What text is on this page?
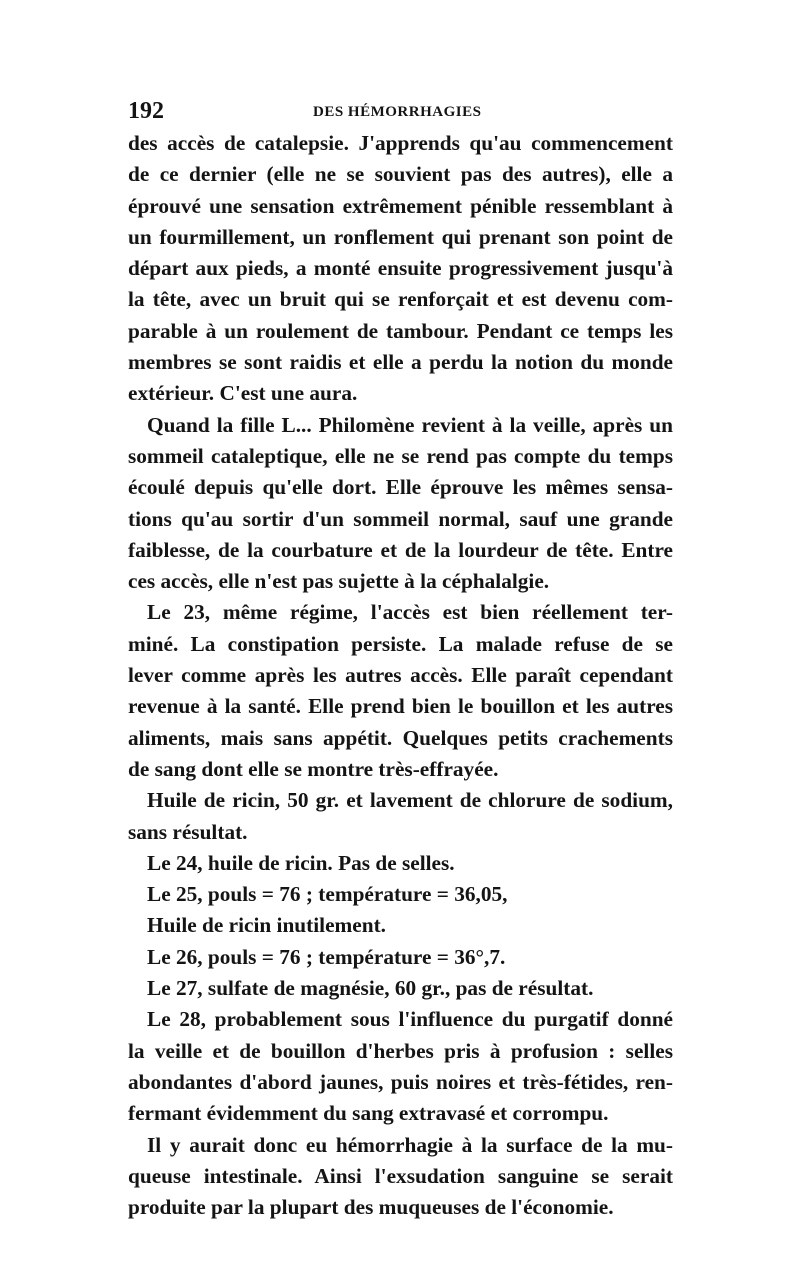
192	DES HÉMORRHAGIES
des accès de catalepsie. J'apprends qu'au commencement
de ce dernier (elle ne se souvient pas des autres), elle a
éprouvé une sensation extrêmement pénible ressemblant à
un fourmillement, un ronflement qui prenant son point de
départ aux pieds, a monté ensuite progressivement jusqu'à
la tête, avec un bruit qui se renforçait et est devenu com-
parable à un roulement de tambour. Pendant ce temps les
membres se sont raidis et elle a perdu la notion du monde
extérieur. C'est une aura.
Quand la fille L... Philomène revient à la veille, après un
sommeil cataleptique, elle ne se rend pas compte du temps
écoulé depuis qu'elle dort. Elle éprouve les mêmes sensa-
tions qu'au sortir d'un sommeil normal, sauf une grande
faiblesse, de la courbature et de la lourdeur de tête. Entre
ces accès, elle n'est pas sujette à la céphalalgie.
Le 23, même régime, l'accès est bien réellement ter-
miné. La constipation persiste. La malade refuse de se
lever comme après les autres accès. Elle paraît cependant
revenue à la santé. Elle prend bien le bouillon et les autres
aliments, mais sans appétit. Quelques petits crachements
de sang dont elle se montre très-effrayée.
Huile de ricin, 50 gr. et lavement de chlorure de sodium,
sans résultat.
Le 24, huile de ricin. Pas de selles.
Le 25, pouls = 76 ; température = 36,05,
Huile de ricin inutilement.
Le 26, pouls = 76 ; température = 36°,7.
Le 27, sulfate de magnésie, 60 gr., pas de résultat.
Le 28, probablement sous l'influence du purgatif donné
la veille et de bouillon d'herbes pris à profusion : selles
abondantes d'abord jaunes, puis noires et très-fétides, ren-
fermant évidemment du sang extravasé et corrompu.
Il y aurait donc eu hémorrhagie à la surface de la mu-
queuse intestinale. Ainsi l'exsudation sanguine se serait
produite par la plupart des muqueuses de l'économie.
